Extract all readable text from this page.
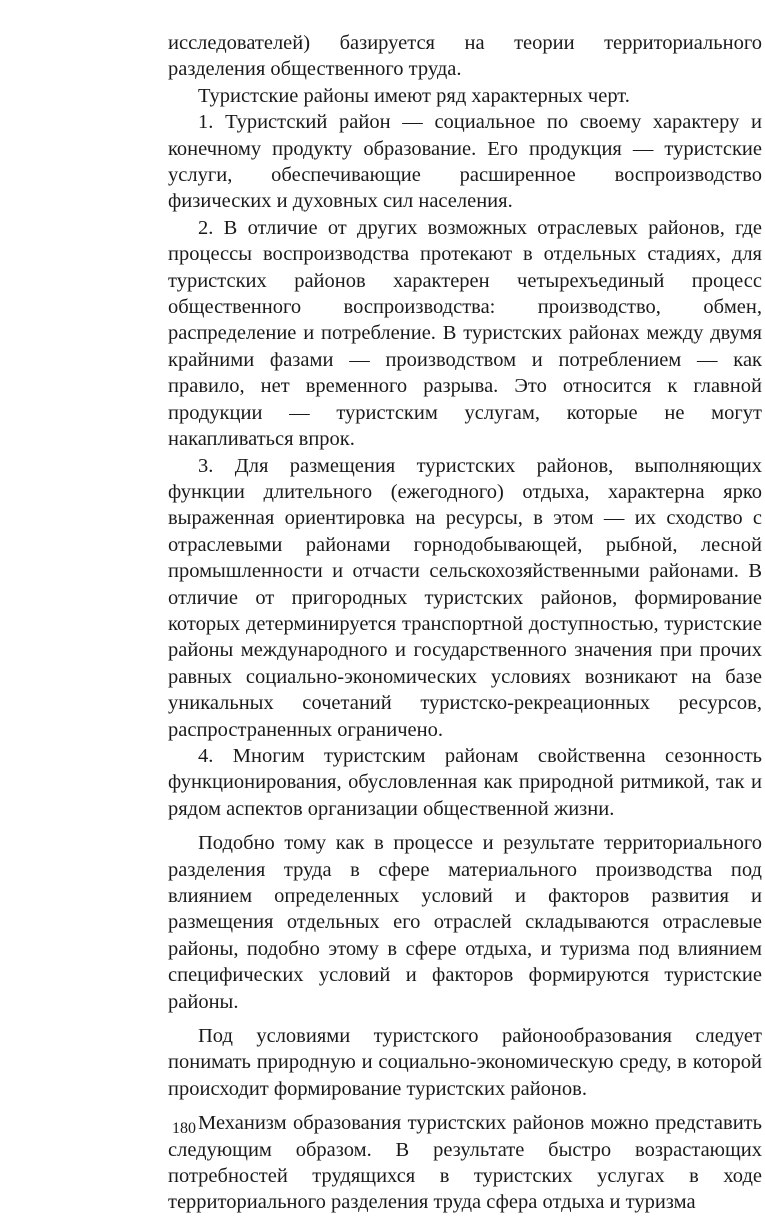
исследователей) базируется на теории территориального разделения общественного труда.

Туристские районы имеют ряд характерных черт.

1. Туристский район — социальное по своему характеру и конечному продукту образование. Его продукция — туристские услуги, обеспечивающие расширенное воспроизводство физических и духовных сил населения.

2. В отличие от других возможных отраслевых районов, где процессы воспроизводства протекают в отдельных стадиях, для туристских районов характерен четырехъединый процесс общественного воспроизводства: производство, обмен, распределение и потребление. В туристских районах между двумя крайними фазами — производством и потреблением — как правило, нет временного разрыва. Это относится к главной продукции — туристским услугам, которые не могут накапливаться впрок.

3. Для размещения туристских районов, выполняющих функции длительного (ежегодного) отдыха, характерна ярко выраженная ориентировка на ресурсы, в этом — их сходство с отраслевыми районами горнодобывающей, рыбной, лесной промышленности и отчасти сельскохозяйственными районами. В отличие от пригородных туристских районов, формирование которых детерминируется транспортной доступностью, туристские районы международного и государственного значения при прочих равных социально-экономических условиях возникают на базе уникальных сочетаний туристско-рекреационных ресурсов, распространенных ограничено.

4. Многим туристским районам свойственна сезонность функционирования, обусловленная как природной ритмикой, так и рядом аспектов организации общественной жизни.

Подобно тому как в процессе и результате территориального разделения труда в сфере материального производства под влиянием определенных условий и факторов развития и размещения отдельных его отраслей складываются отраслевые районы, подобно этому в сфере отдыха, и туризма под влиянием специфических условий и факторов формируются туристские районы.

Под условиями туристского районообразования следует понимать природную и социально-экономическую среду, в которой происходит формирование туристских районов.

Механизм образования туристских районов можно представить следующим образом. В результате быстро возрастающих потребностей трудящихся в туристских услугах в ходе территориального разделения труда сфера отдыха и туризма

180
